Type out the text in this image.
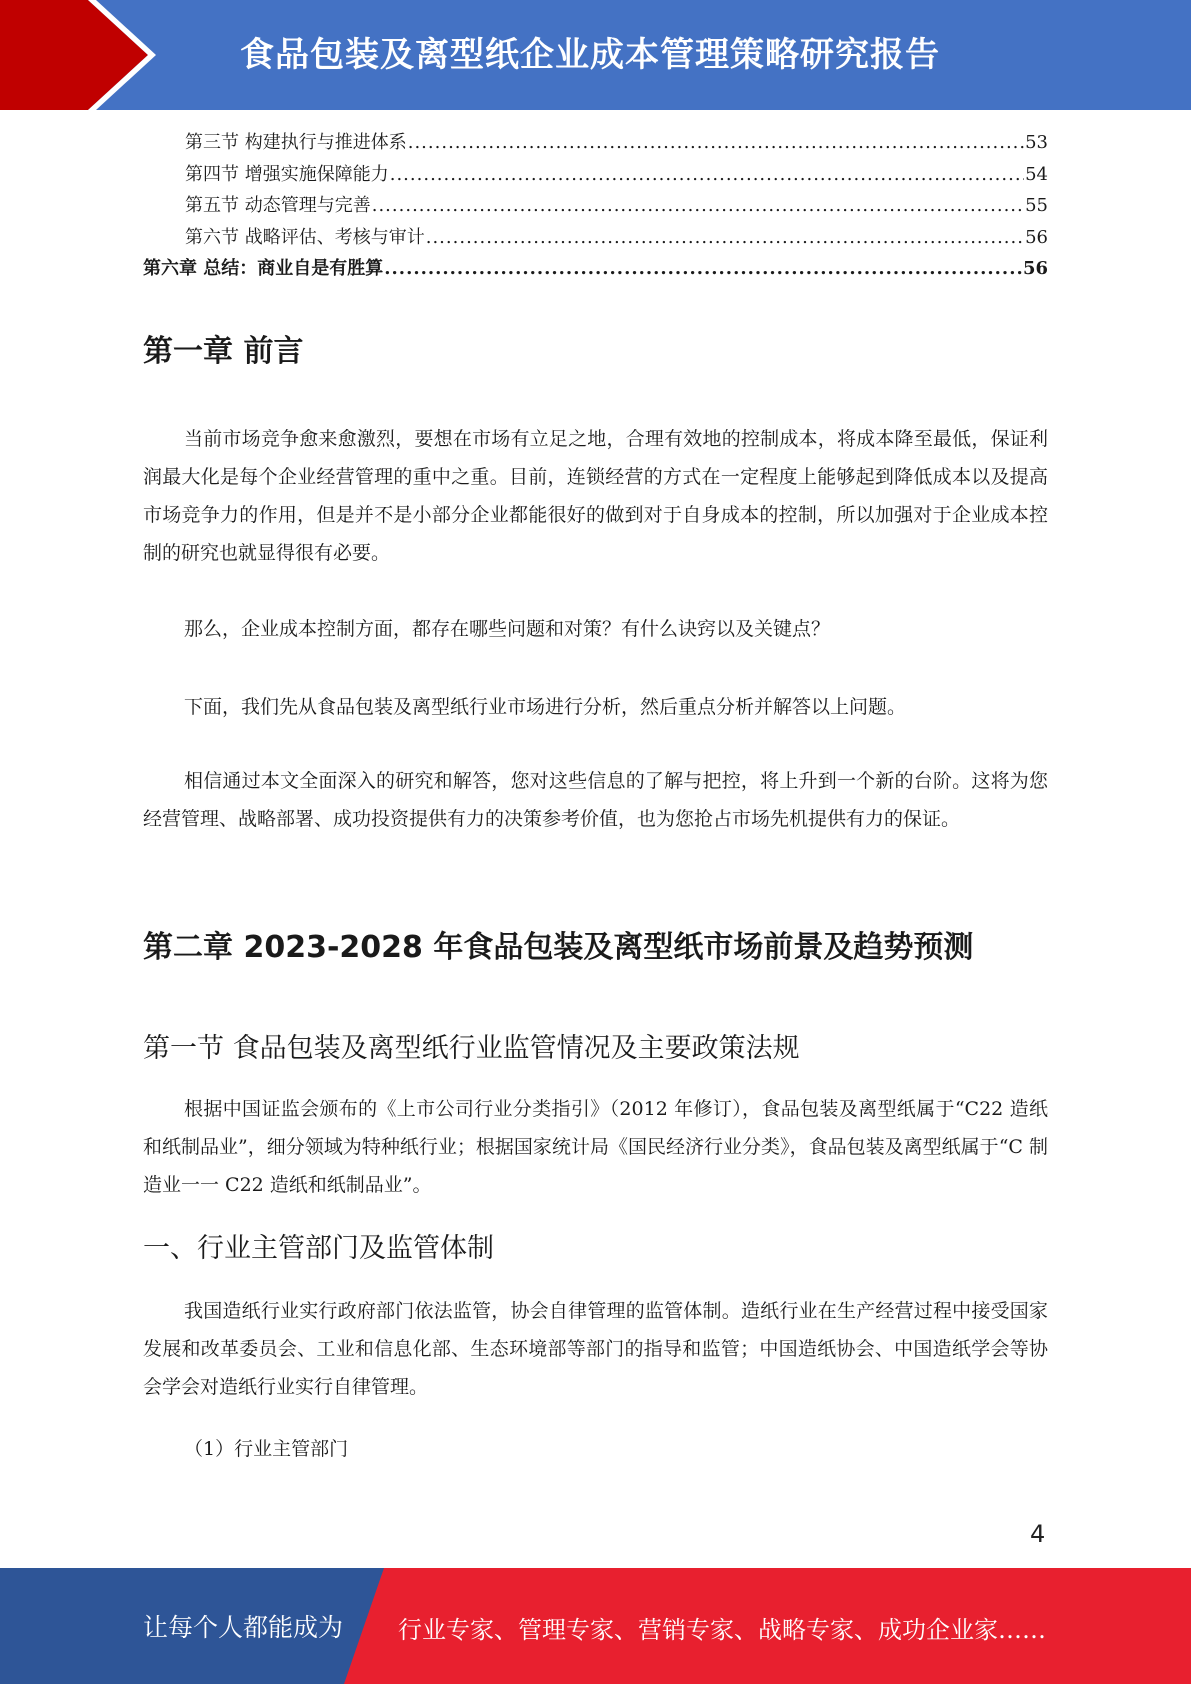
食品包装及离型纸企业成本管理策略研究报告
第三节 构建执行与推进体系 .....	53
第四节 增强实施保障能力 .....	54
第五节 动态管理与完善 .....	55
第六节 战略评估、考核与审计 .....	56
第六章 总结：商业自是有胜算 .....	56
第一章 前言

当前市场竞争愈来愈激烈，要想在市场有立足之地，合理有效地的控制成本，将成本降至最低，保证利润最大化是每个企业经营管理的重中之重。目前，连锁经营的方式在一定程度上能够起到降低成本以及提高市场竞争力的作用，但是并不是小部分企业都能很好的做到对于自身成本的控制，所以加强对于企业成本控制的研究也就显得很有必要。

那么，企业成本控制方面，都存在哪些问题和对策？有什么诀窍以及关键点？

下面，我们先从食品包装及离型纸行业市场进行分析，然后重点分析并解答以上问题。

相信通过本文全面深入的研究和解答，您对这些信息的了解与把控，将上升到一个新的台阶。这将为您经营管理、战略部署、成功投资提供有力的决策参考价值，也为您抢占市场先机提供有力的保证。

第二章 2023-2028 年食品包装及离型纸市场前景及趋势预测
第一节 食品包装及离型纸行业监管情况及主要政策法规

根据中国证监会颁布的《上市公司行业分类指引》（2012 年修订），食品包装及离型纸属于“C22 造纸和纸制品业”，细分领域为特种纸行业；根据国家统计局《国民经济行业分类》，食品包装及离型纸属于“C 制造业一一 C22 造纸和纸制品业”。

一、行业主管部门及监管体制

我国造纸行业实行政府部门依法监管，协会自律管理的监管体制。造纸行业在生产经营过程中接受国家发展和改革委员会、工业和信息化部、生态环境部等部门的指导和监管；中国造纸协会、中国造纸学会等协会学会对造纸行业实行自律管理。

（1）行业主管部门

4
让每个人都能成为 行业专家、管理专家、营销专家、战略专家、成功企业家……
